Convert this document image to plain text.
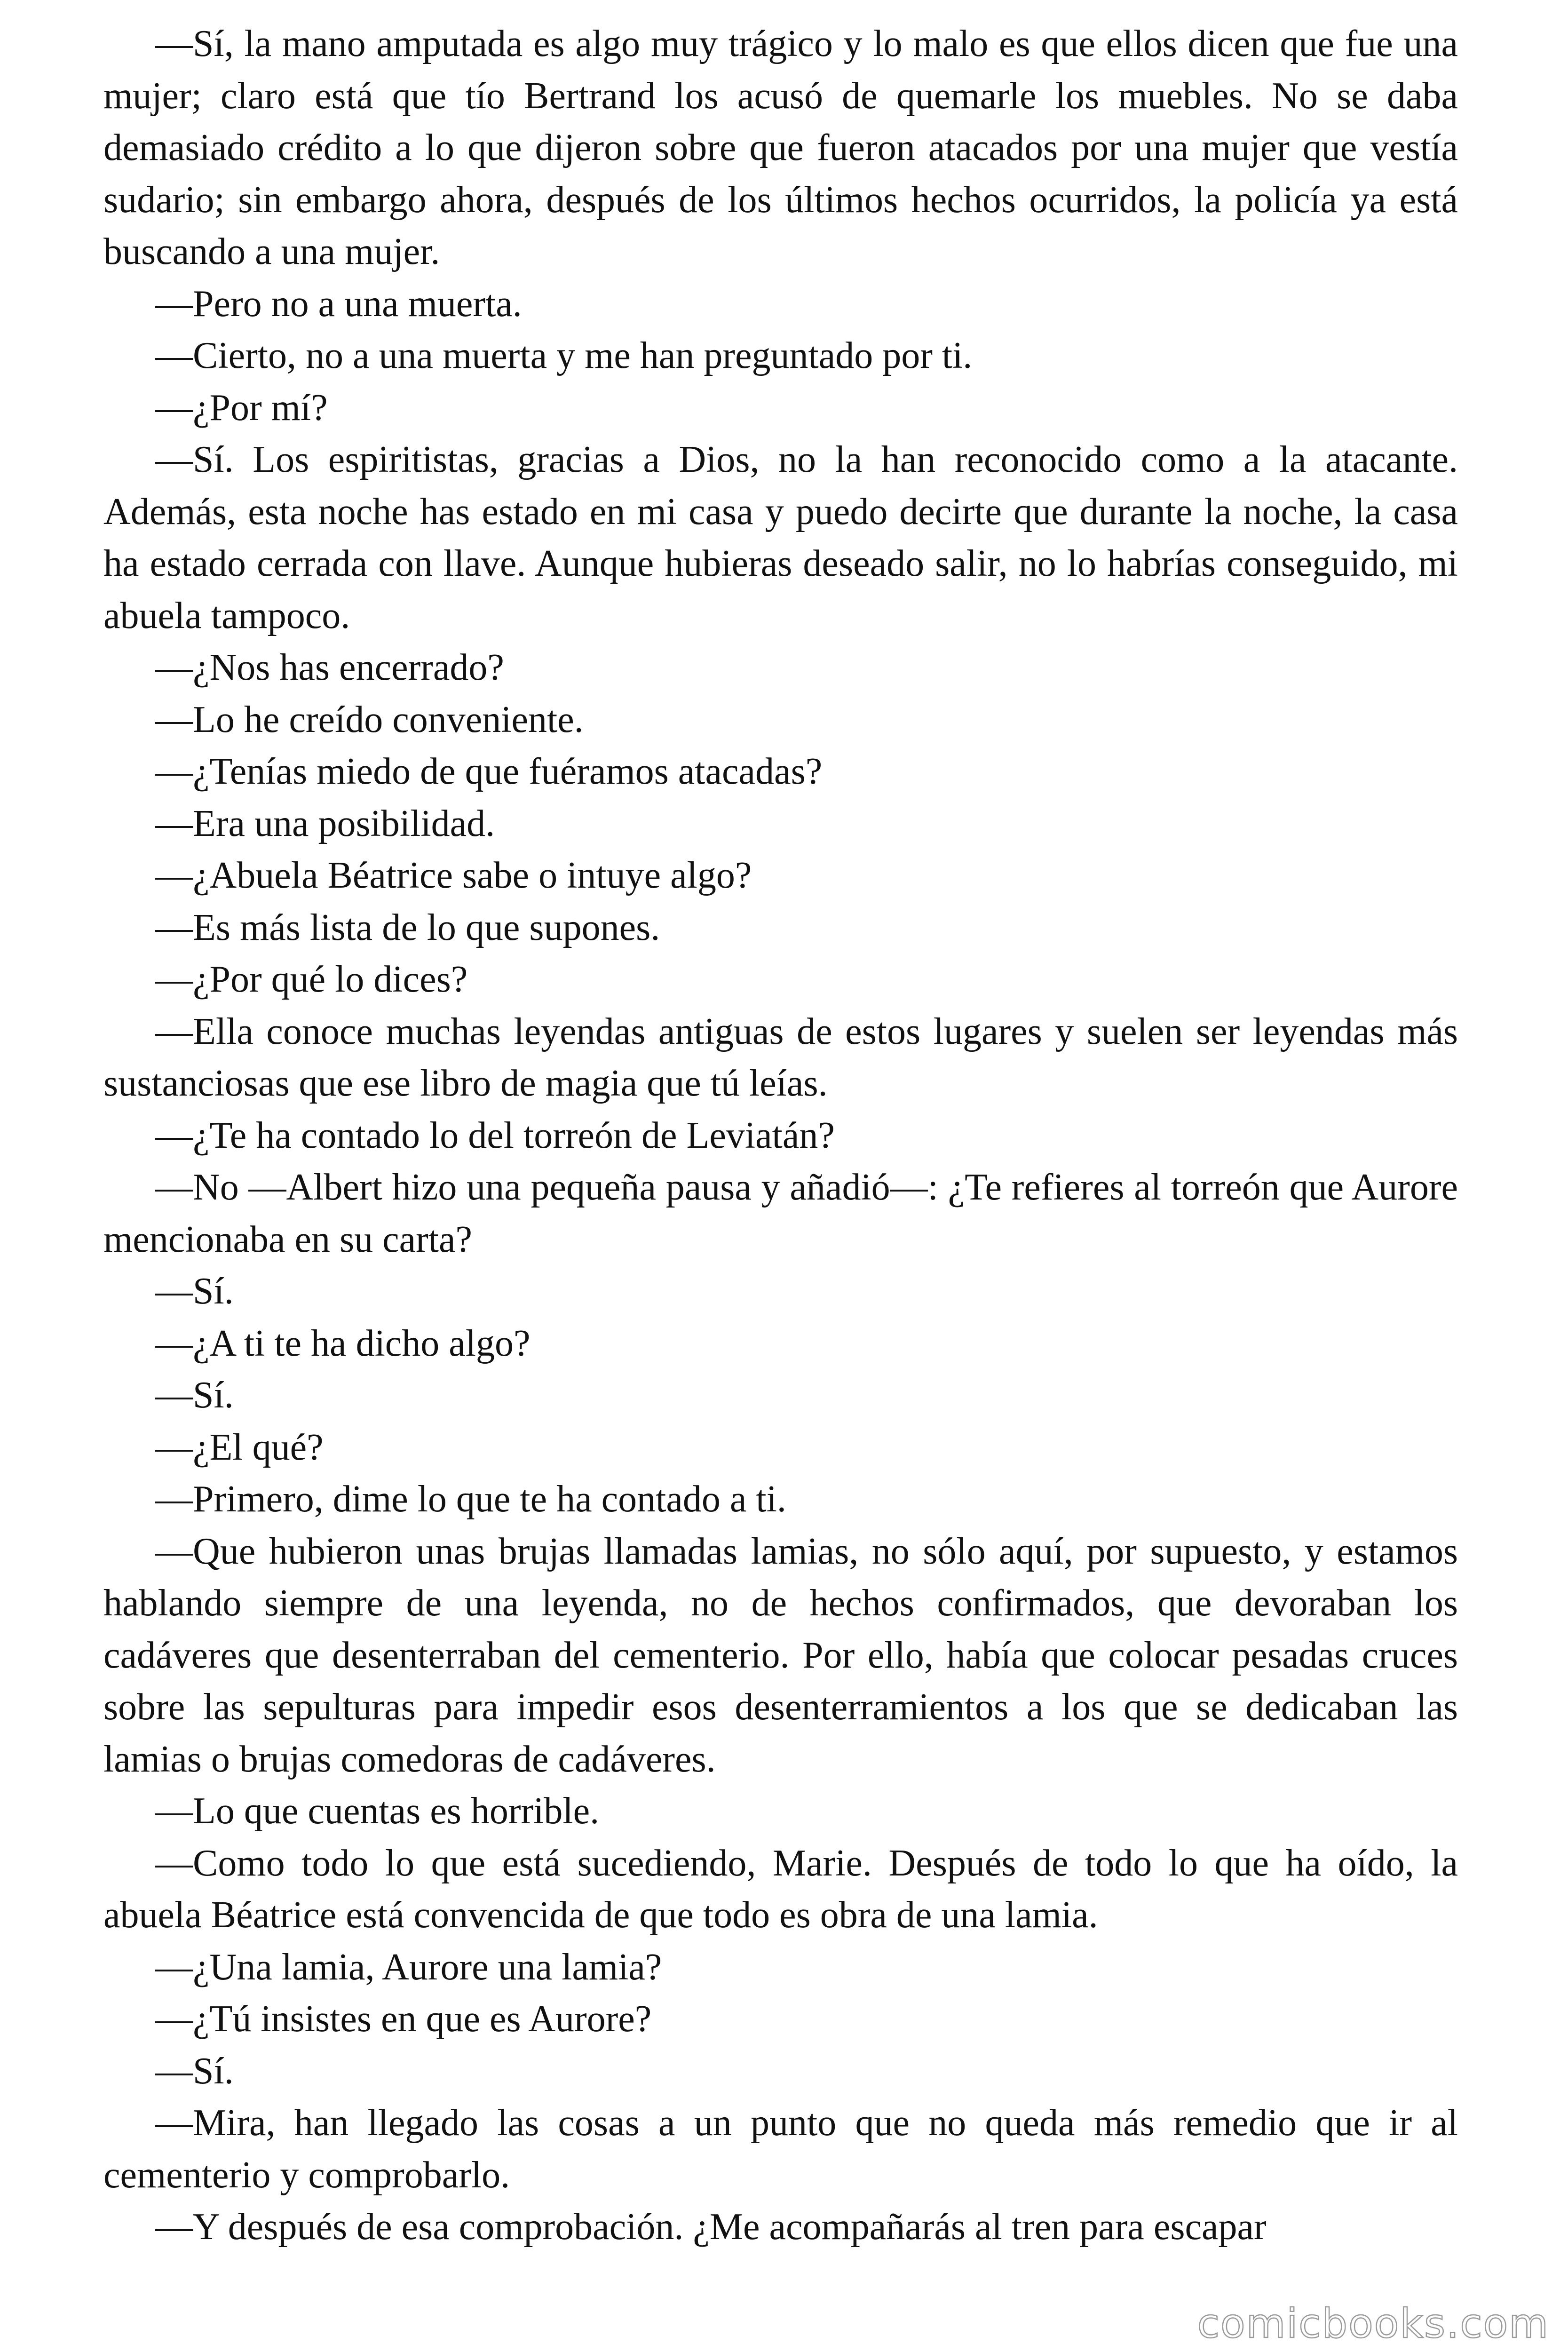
—Sí, la mano amputada es algo muy trágico y lo malo es que ellos dicen que fue una mujer; claro está que tío Bertrand los acusó de quemarle los muebles. No se daba demasiado crédito a lo que dijeron sobre que fueron atacados por una mujer que vestía sudario; sin embargo ahora, después de los últimos hechos ocurridos, la policía ya está buscando a una mujer.

—Pero no a una muerta.

—Cierto, no a una muerta y me han preguntado por ti.

—¿Por mí?

—Sí. Los espiritistas, gracias a Dios, no la han reconocido como a la atacante. Además, esta noche has estado en mi casa y puedo decirte que durante la noche, la casa ha estado cerrada con llave. Aunque hubieras deseado salir, no lo habrías conseguido, mi abuela tampoco.

—¿Nos has encerrado?

—Lo he creído conveniente.

—¿Tenías miedo de que fuéramos atacadas?

—Era una posibilidad.

—¿Abuela Béatrice sabe o intuye algo?

—Es más lista de lo que supones.

—¿Por qué lo dices?

—Ella conoce muchas leyendas antiguas de estos lugares y suelen ser leyendas más sustanciosas que ese libro de magia que tú leías.

—¿Te ha contado lo del torreón de Leviatán?

—No —Albert hizo una pequeña pausa y añadió—: ¿Te refieres al torreón que Aurore mencionaba en su carta?

—Sí.

—¿A ti te ha dicho algo?

—Sí.

—¿El qué?

—Primero, dime lo que te ha contado a ti.

—Que hubieron unas brujas llamadas lamias, no sólo aquí, por supuesto, y estamos hablando siempre de una leyenda, no de hechos confirmados, que devoraban los cadáveres que desenterraban del cementerio. Por ello, había que colocar pesadas cruces sobre las sepulturas para impedir esos desenterramientos a los que se dedicaban las lamias o brujas comedoras de cadáveres.

—Lo que cuentas es horrible.

—Como todo lo que está sucediendo, Marie. Después de todo lo que ha oído, la abuela Béatrice está convencida de que todo es obra de una lamia.

—¿Una lamia, Aurore una lamia?

—¿Tú insistes en que es Aurore?

—Sí.

—Mira, han llegado las cosas a un punto que no queda más remedio que ir al cementerio y comprobarlo.

—Y después de esa comprobación. ¿Me acompañarás al tren para escapar

comicbooks.com
